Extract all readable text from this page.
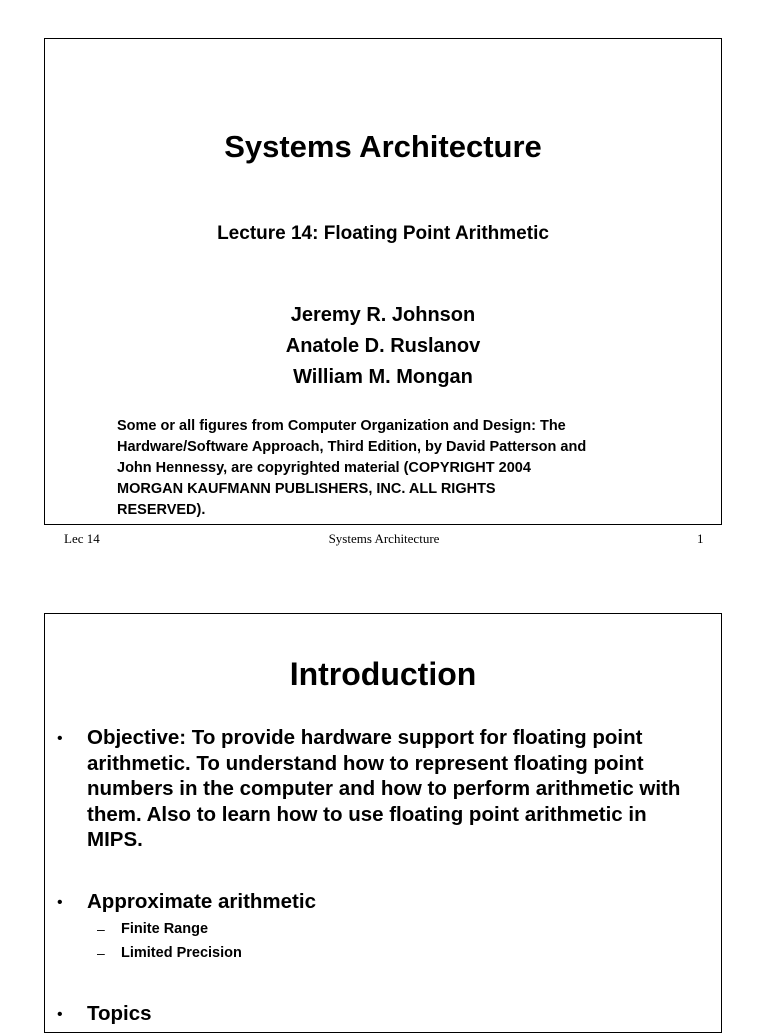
Systems Architecture
Lecture 14: Floating Point Arithmetic
Jeremy R. Johnson
Anatole D. Ruslanov
William M. Mongan
Some or all figures from Computer Organization and Design: The
Hardware/Software Approach, Third Edition, by David Patterson and
John Hennessy, are copyrighted material (COPYRIGHT 2004
MORGAN KAUFMANN PUBLISHERS, INC. ALL RIGHTS
RESERVED).
Lec 14	Systems Architecture	1
Introduction
• Objective: To provide hardware support for floating point
arithmetic. To understand how to represent floating point
numbers in the computer and how to perform arithmetic with
them. Also to learn how to use floating point arithmetic in
MIPS.
• Approximate arithmetic
– Finite Range
– Limited Precision
• Topics
